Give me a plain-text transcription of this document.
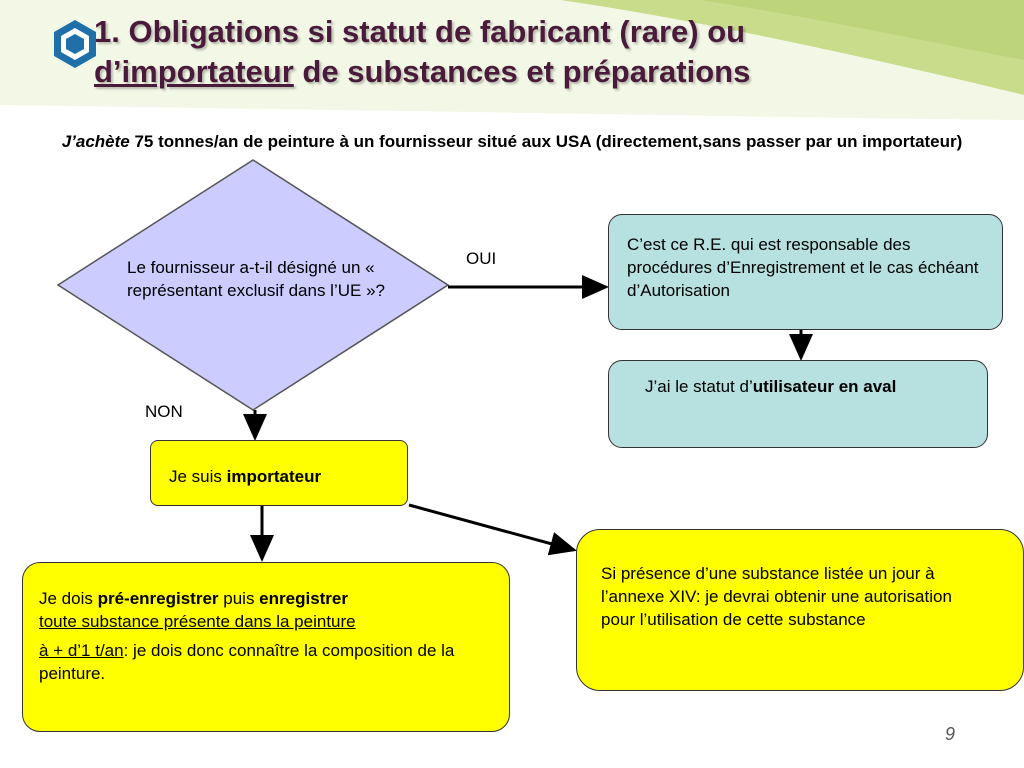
1. Obligations si statut de fabricant (rare) ou
d’importateur de substances et préparations
J’achète 75 tonnes/an de peinture à un fournisseur situé aux USA (directement,sans passer par un importateur)
Le fournisseur a-t-il désigné un « représentant exclusif dans l’UE »?
OUI
NON
C’est ce R.E. qui est responsable des procédures d’Enregistrement et le cas échéant d’Autorisation
J’ai le statut d’utilisateur en aval
Je suis importateur
Je dois pré-enregistrer puis enregistrer
toute substance présente dans la peinture
à + d’1 t/an: je dois donc connaître la composition de la peinture.
Si présence d’une substance listée un jour à l’annexe XIV: je devrai obtenir une autorisation pour l’utilisation de cette substance
9
